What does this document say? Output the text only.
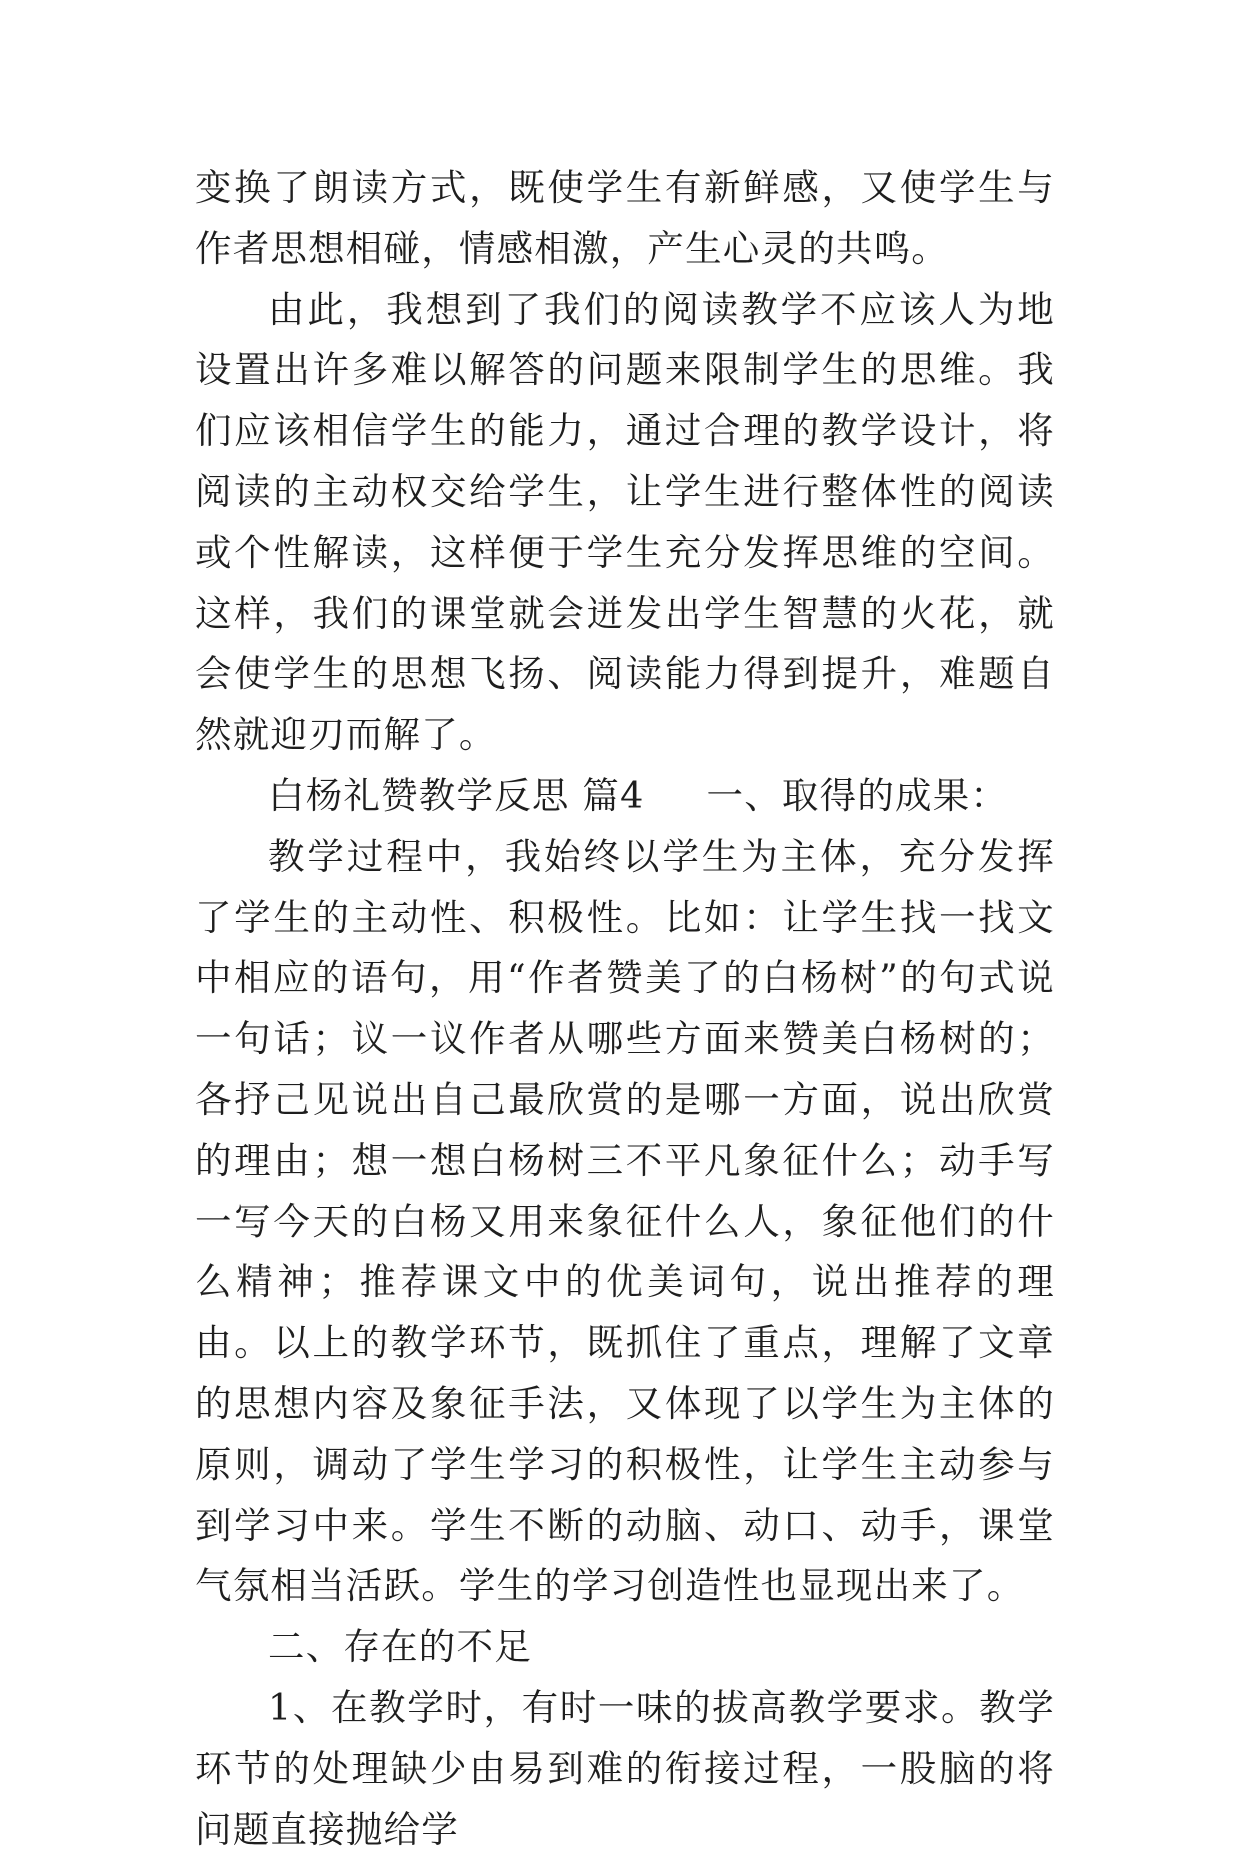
变换了朗读方式，既使学生有新鲜感，又使学生与作者思想相碰，情感相激，产生心灵的共鸣。

由此，我想到了我们的阅读教学不应该人为地设置出许多难以解答的问题来限制学生的思维。我们应该相信学生的能力，通过合理的教学设计，将阅读的主动权交给学生，让学生进行整体性的阅读或个性解读，这样便于学生充分发挥思维的空间。这样，我们的课堂就会迸发出学生智慧的火花，就会使学生的思想飞扬、阅读能力得到提升，难题自然就迎刃而解了。

白杨礼赞教学反思 篇4 一、取得的成果：

教学过程中，我始终以学生为主体，充分发挥了学生的主动性、积极性。比如：让学生找一找文中相应的语句，用“作者赞美了的白杨树”的句式说一句话；议一议作者从哪些方面来赞美白杨树的；各抒己见说出自己最欣赏的是哪一方面，说出欣赏的理由；想一想白杨树三不平凡象征什么；动手写一写今天的白杨又用来象征什么人，象征他们的什么精神；推荐课文中的优美词句，说出推荐的理由。以上的教学环节，既抓住了重点，理解了文章的思想内容及象征手法，又体现了以学生为主体的原则，调动了学生学习的积极性，让学生主动参与到学习中来。学生不断的动脑、动口、动手，课堂气氛相当活跃。学生的学习创造性也显现出来了。

二、存在的不足

1、在教学时，有时一味的拔高教学要求。教学环节的处理缺少由易到难的衔接过程，一股脑的将问题直接抛给学
